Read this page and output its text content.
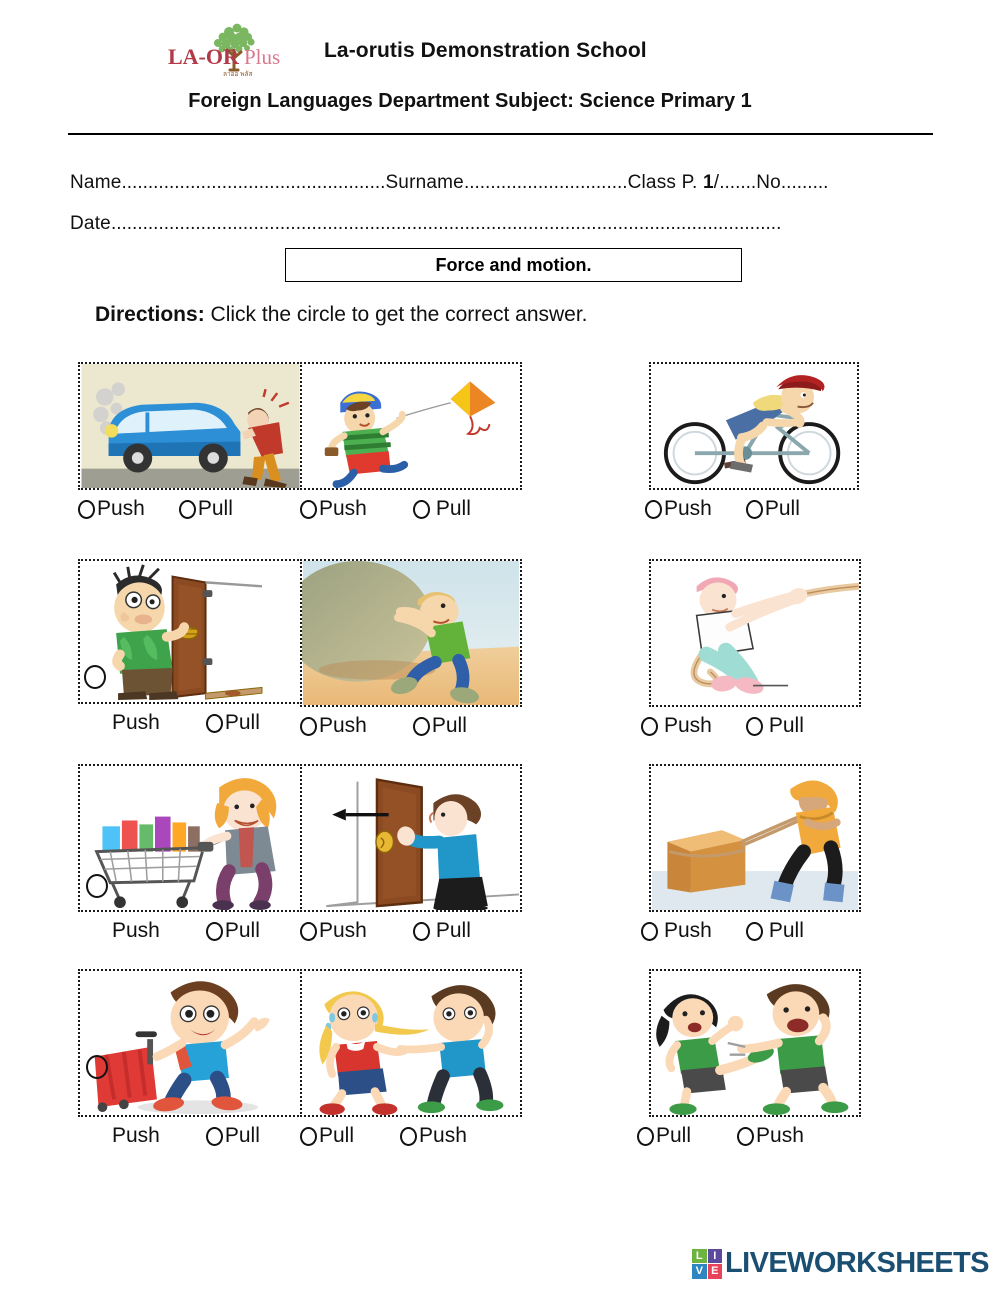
LA-OR Plus
ลาออ พลัส
La-orutis Demonstration School
Foreign Languages Department Subject: Science Primary 1
Name..................................................Surname...............................Class P. 1/.......No.........
Date...............................................................................................................................
Force and motion.
Directions: Click the circle to get the correct answer.
Push	Pull	Push	Pull	Push	Pull
Push	Pull	Push	Pull	Push	Pull
Push	Pull	Push	Pull	Push	Pull
Push	Pull	Pull	Push	Pull	Push
L I
V E LIVEWORKSHEETS
